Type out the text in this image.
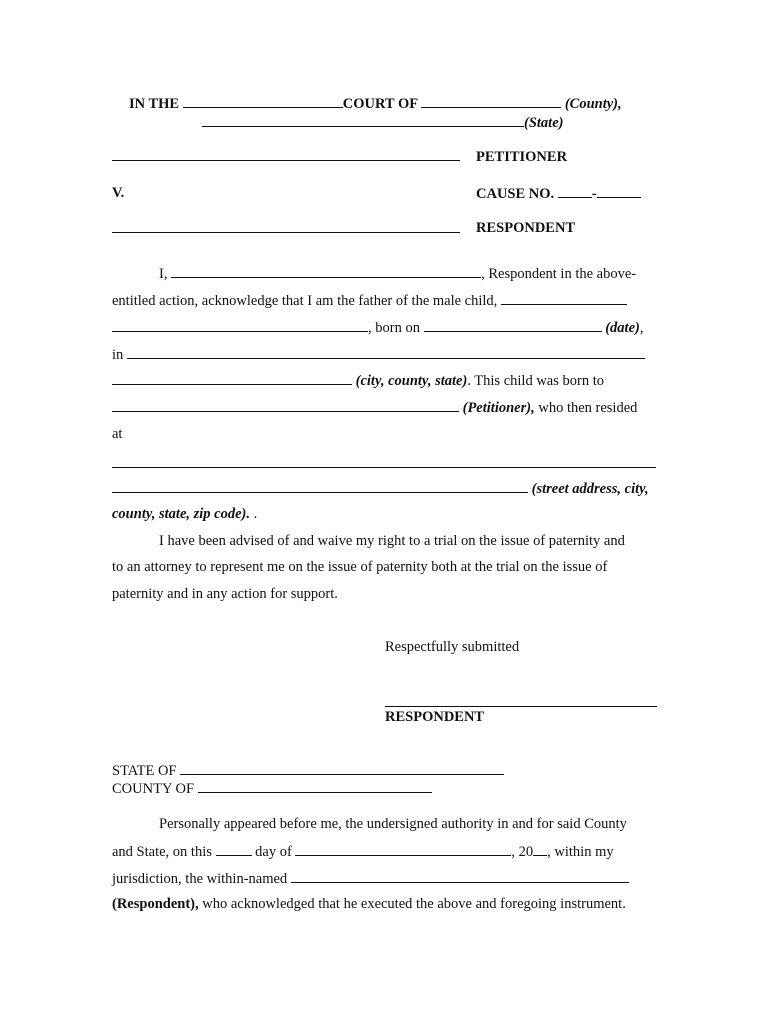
IN THE	COURT OF	(County),
(State)
PETITIONER
V.	CAUSE NO.	-
RESPONDENT
I,	, Respondent in the above-
entitled action, acknowledge that I am the father of the male child,
, born on	(date),
in
(city, county, state). This child was born to
(Petitioner), who then resided
at
(street address, city,
county, state, zip code). .
I have been advised of and waive my right to a trial on the issue of paternity and
to an attorney to represent me on the issue of paternity both at the trial on the issue of
paternity and in any action for support.
Respectfully submitted
RESPONDENT
STATE OF
COUNTY OF
Personally appeared before me, the undersigned authority in and for said County
and State, on this	day of	, 20 , within my
jurisdiction, the within-named
(Respondent), who acknowledged that he executed the above and foregoing instrument.
